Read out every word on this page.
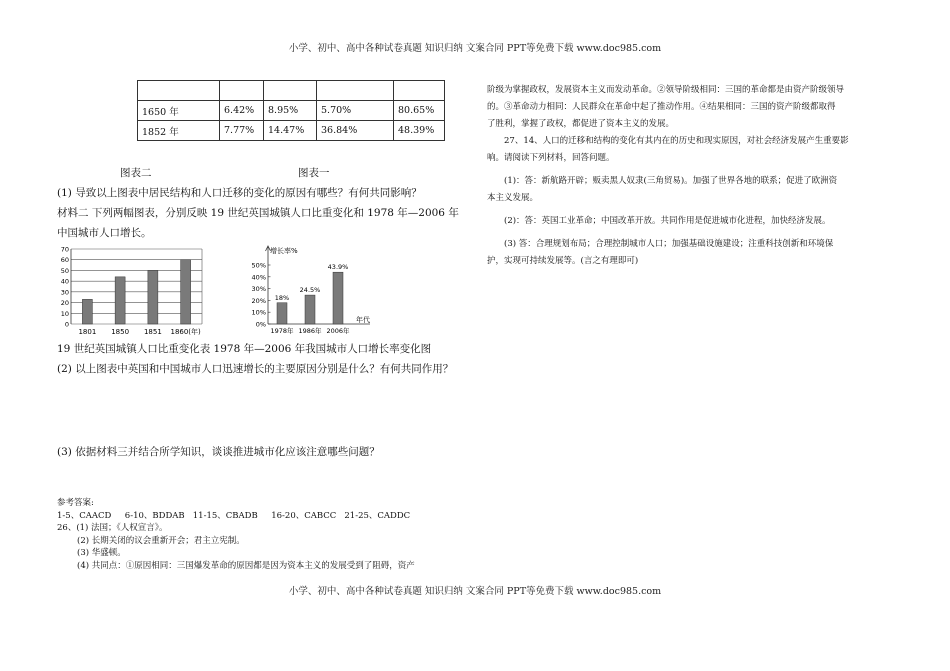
小学、初中、高中各种试卷真题 知识归纳 文案合同 PPT等免费下载 www.doc985.com

1650 年	6.42%	8.95%	5.70%	80.65%
1852 年	7.77%	14.47%	36.84%	48.39%
图表二	图表一
(1) 导致以上图表中居民结构和人口迁移的变化的原因有哪些？有何共同影响？
材料二 下列两幅图表，分别反映 19 世纪英国城镇人口比重变化和 1978 年—2006 年
中国城市人口增长。
0
10
20
30
40
50
60
70
1801 1850 1851 1860(年)
增长率%
0%
10%
20%
30%
40%
50%
年代
18%
1978年
24.5%
1986年
43.9%
2006年
19 世纪英国城镇人口比重变化表 1978 年—2006 年我国城市人口增长率变化图
(2) 以上图表中英国和中国城市人口迅速增长的主要原因分别是什么？有何共同作用？
(3) 依据材料三并结合所学知识，谈谈推进城市化应该注意哪些问题？
参考答案:
1-5、CAACD     6-10、BDDAB   11-15、CBADB     16-20、CABCC   21-25、CADDC
26、(1) 法国；《人权宣言》。
(2) 长期关闭的议会重新开会；君主立宪制。
(3) 华盛顿。
(4) 共同点：①原因相同：三国爆发革命的原因都是因为资本主义的发展受到了阻碍，资产
阶级为掌握政权，发展资本主义而发动革命。②领导阶级相同：三国的革命都是由资产阶级领导
的。③革命动力相同：人民群众在革命中起了推动作用。④结果相同：三国的资产阶级都取得
了胜利，掌握了政权，都促进了资本主义的发展。
27、14、人口的迁移和结构的变化有其内在的历史和现实原因，对社会经济发展产生重要影
响。请阅读下列材料，回答问题。
(1)：答：新航路开辟；贩卖黑人奴隶(三角贸易)。加强了世界各地的联系；促进了欧洲资
本主义发展。
(2)：答：英国工业革命；中国改革开放。共同作用是促进城市化进程，加快经济发展。
(3) 答：合理规划布局；合理控制城市人口；加强基础设施建设；注重科技创新和环境保
护，实现可持续发展等。(言之有理即可)
小学、初中、高中各种试卷真题 知识归纳 文案合同 PPT等免费下载 www.doc985.com
